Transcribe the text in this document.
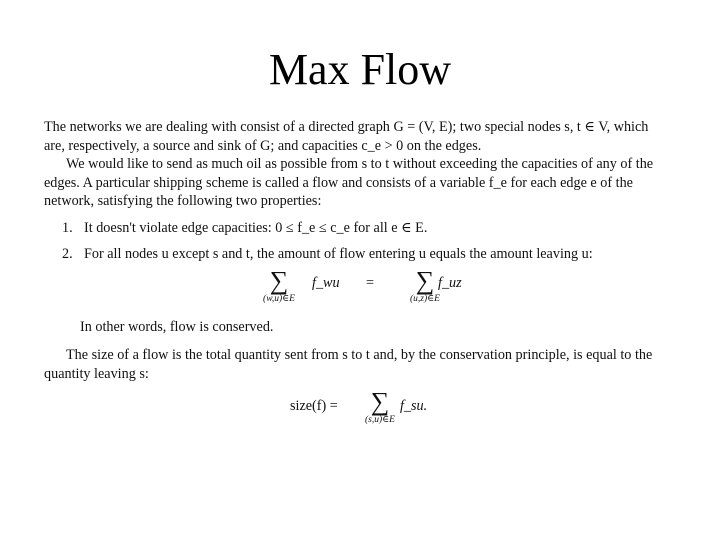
Max Flow

The networks we are dealing with consist of a directed graph G = (V, E); two special nodes s, t ∈ V, which are, respectively, a source and sink of G; and capacities c_e > 0 on the edges.

We would like to send as much oil as possible from s to t without exceeding the capacities of any of the edges. A particular shipping scheme is called a flow and consists of a variable f_e for each edge e of the network, satisfying the following two properties:

1. It doesn't violate edge capacities: 0 ≤ f_e ≤ c_e for all e ∈ E.
2. For all nodes u except s and t, the amount of flow entering u equals the amount leaving u:
∑
(w,u)∈E
f_wu =	∑
(u,z)∈E
f_uz

In other words, flow is conserved.

The size of a flow is the total quantity sent from s to t and, by the conservation principle, is equal to the quantity leaving s:

size(f) =	∑
(s,u)∈E
f_su.
